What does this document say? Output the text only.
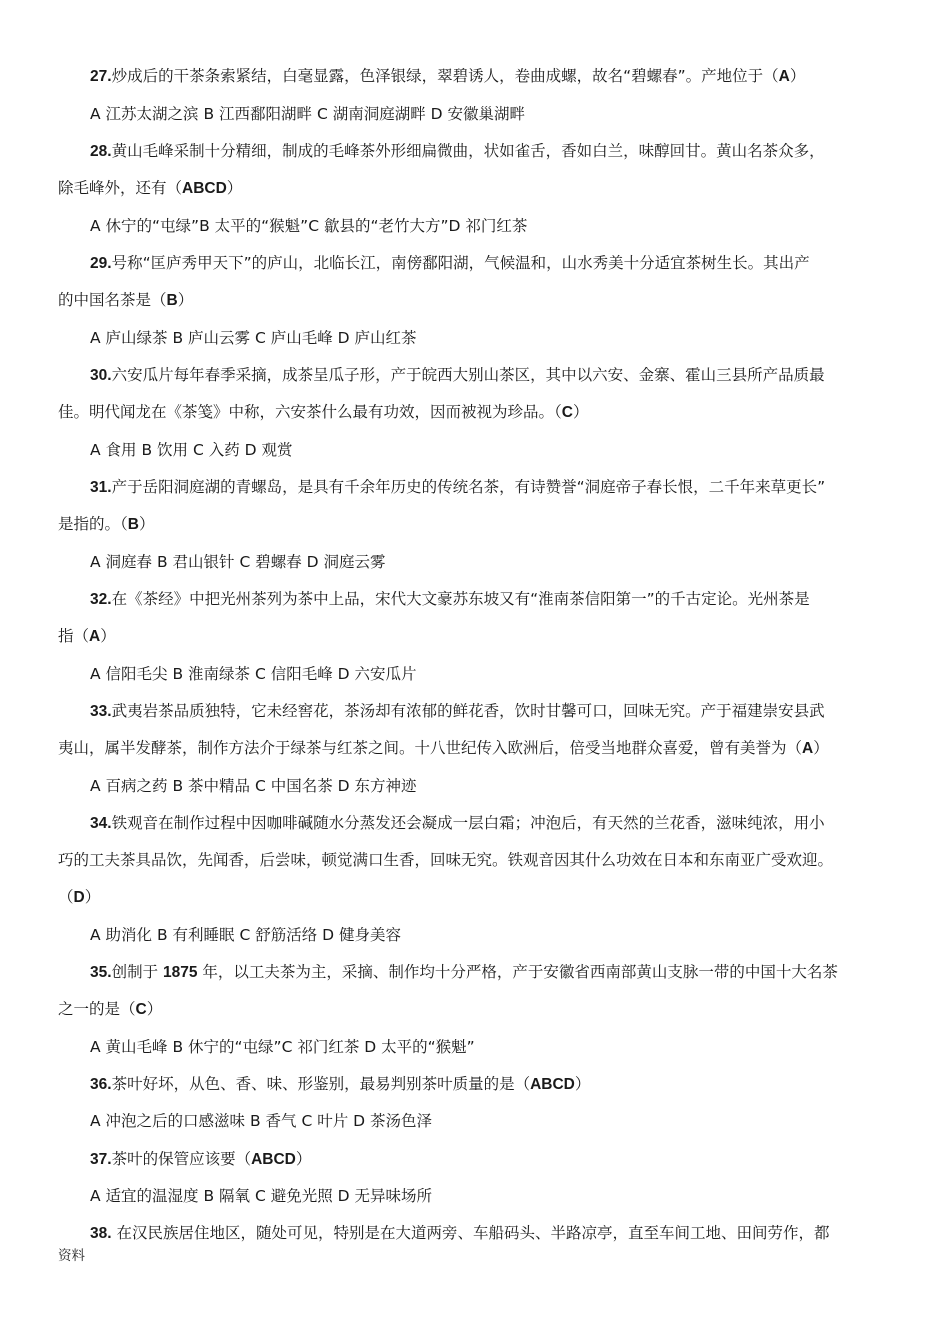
27.炒成后的干茶条索紧结，白毫显露，色泽银绿，翠碧诱人，卷曲成螺，故名“碧螺春”。产地位于（A）
A 江苏太湖之滨 B 江西鄱阳湖畔 C 湖南洞庭湖畔 D 安徽巢湖畔
28.黄山毛峰采制十分精细，制成的毛峰茶外形细扁微曲，状如雀舌，香如白兰，味醇回甘。黄山名茶众多，
除毛峰外，还有（ABCD）
A 休宁的“屯绿”B 太平的“猴魁”C 歙县的“老竹大方”D 祁门红茶
29.号称“匡庐秀甲天下”的庐山，北临长江，南傍鄱阳湖，气候温和，山水秀美十分适宜茶树生长。其出产
的中国名茶是（B）
A 庐山绿茶 B 庐山云雾 C 庐山毛峰 D 庐山红茶
30.六安瓜片每年春季采摘，成茶呈瓜子形，产于皖西大别山茶区，其中以六安、金寨、霍山三县所产品质最
佳。明代闻龙在《茶笺》中称，六安茶什么最有功效，因而被视为珍品。（C）
A 食用 B 饮用 C 入药 D 观赏
31.产于岳阳洞庭湖的青螺岛，是具有千余年历史的传统名茶，有诗赞誉“洞庭帝子春长恨，二千年来草更长”
是指的。（B）
A 洞庭春 B 君山银针 C 碧螺春 D 洞庭云雾
32.在《茶经》中把光州茶列为茶中上品，宋代大文豪苏东坡又有“淮南茶信阳第一”的千古定论。光州茶是
指（A）
A 信阳毛尖 B 淮南绿茶 C 信阳毛峰 D 六安瓜片
33.武夷岩茶品质独特，它未经窖花，茶汤却有浓郁的鲜花香，饮时甘馨可口，回味无究。产于福建崇安县武
夷山，属半发酵茶，制作方法介于绿茶与红茶之间。十八世纪传入欧洲后，倍受当地群众喜爱，曾有美誉为（A）
A 百病之药 B 茶中精品 C 中国名茶 D 东方神迹
34.铁观音在制作过程中因咖啡碱随水分蒸发还会凝成一层白霜；冲泡后，有天然的兰花香，滋味纯浓，用小
巧的工夫茶具品饮，先闻香，后尝味，顿觉满口生香，回味无究。铁观音因其什么功效在日本和东南亚广受欢迎。
（D）
A 助消化 B 有利睡眠 C 舒筋活络 D 健身美容
35.创制于 1875 年，以工夫茶为主，采摘、制作均十分严格，产于安徽省西南部黄山支脉一带的中国十大名茶
之一的是（C）
A 黄山毛峰 B 休宁的“屯绿”C 祁门红茶 D 太平的“猴魁”
36.茶叶好坏，从色、香、味、形鉴别，最易判别茶叶质量的是（ABCD）
A 冲泡之后的口感滋味 B 香气 C 叶片 D 茶汤色泽
37.茶叶的保管应该要（ABCD）
A 适宜的温湿度 B 隔氧 C 避免光照 D 无异味场所
38. 在汉民族居住地区，随处可见，特别是在大道两旁、车船码头、半路凉亭，直至车间工地、田间劳作，都
资料
